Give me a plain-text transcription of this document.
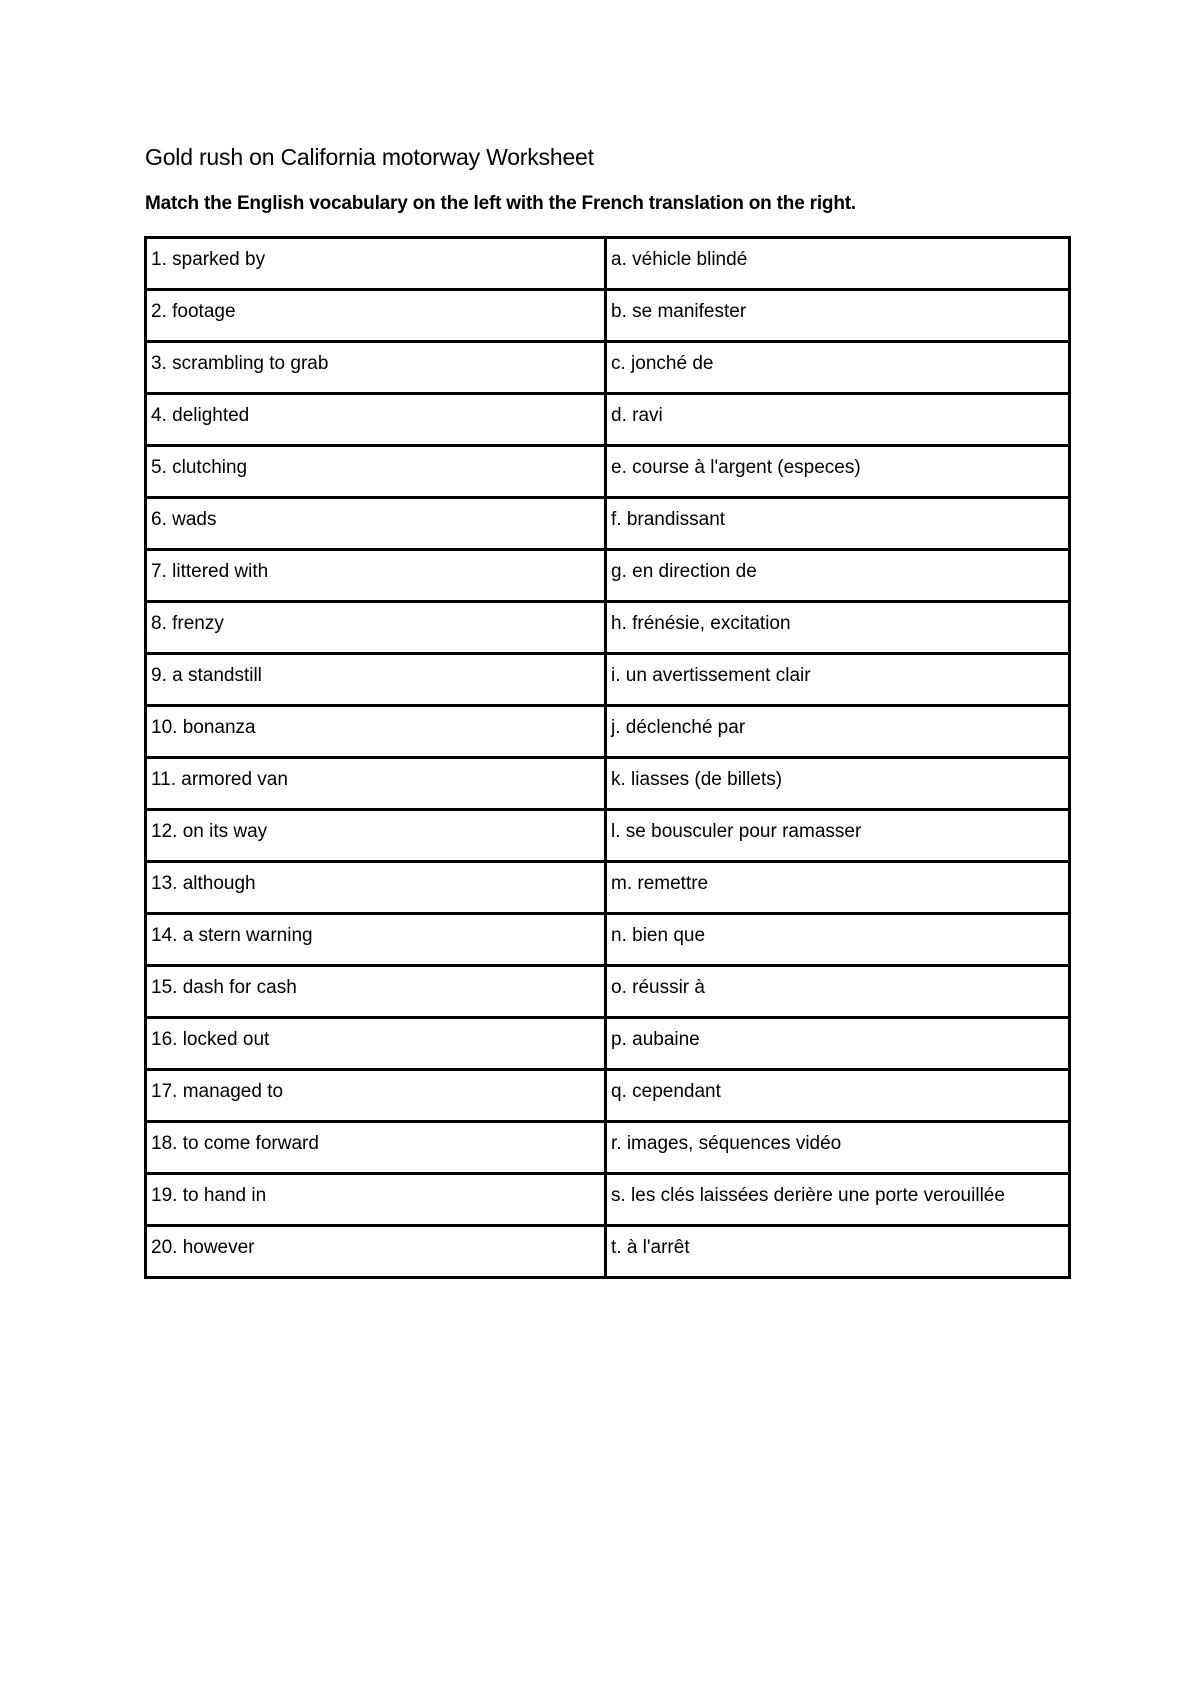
Gold rush on California motorway Worksheet
Match the English vocabulary on the left with the French translation on the right.
1. sparked by	a. véhicle blindé
2. footage	b. se manifester
3. scrambling to grab	c. jonché de
4. delighted	d. ravi
5. clutching	e. course à l'argent (especes)
6. wads	f. brandissant
7. littered with	g. en direction de
8. frenzy	h. frénésie, excitation
9. a standstill	i. un avertissement clair
10. bonanza	j. déclenché par
11. armored van	k. liasses (de billets)
12. on its way	l. se bousculer pour ramasser
13. although	m. remettre
14. a stern warning	n. bien que
15. dash for cash	o. réussir à
16. locked out	p. aubaine
17. managed to	q. cependant
18. to come forward	r. images, séquences vidéo
19. to hand in	s. les clés laissées derière une porte verouillée
20. however	t. à l'arrêt
